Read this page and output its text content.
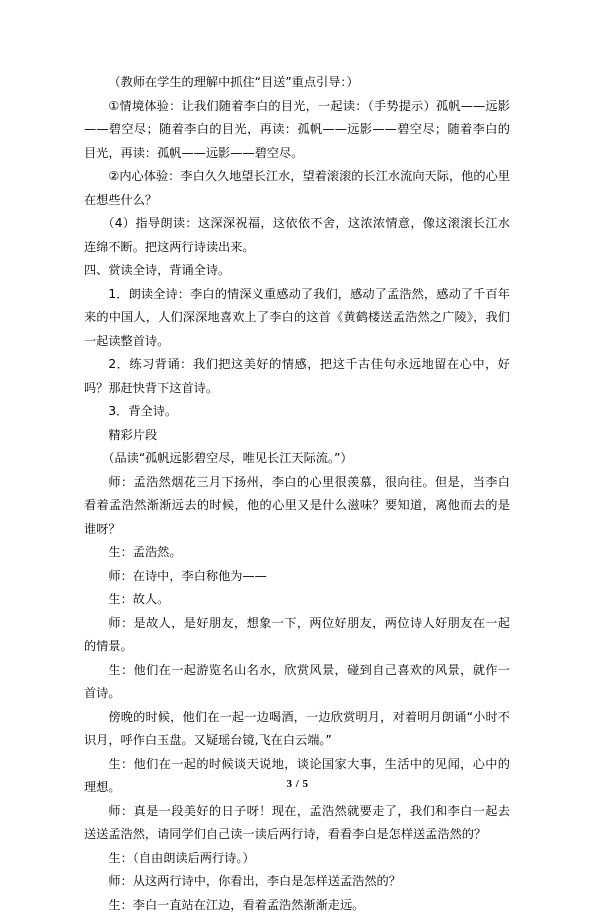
（教师在学生的理解中抓住“目送”重点引导：）

①情境体验：让我们随着李白的目光，一起读：（手势提示）孤帆——远影——碧空尽；随着李白的目光，再读：孤帆——远影——碧空尽；随着李白的目光，再读：孤帆——远影——碧空尽。

②内心体验：李白久久地望长江水，望着滚滚的长江水流向天际，他的心里在想些什么？

（4）指导朗读：这深深祝福，这依依不舍，这浓浓情意，像这滚滚长江水连绵不断。把这两行诗读出来。

四、赏读全诗，背诵全诗。

1．朗读全诗：李白的情深义重感动了我们，感动了孟浩然，感动了千百年来的中国人，人们深深地喜欢上了李白的这首《黄鹤楼送孟浩然之广陵》，我们一起读整首诗。

2．练习背诵：我们把这美好的情感，把这千古佳句永远地留在心中，好吗？那赶快背下这首诗。

3．背全诗。

精彩片段

（品读“孤帆远影碧空尽，唯见长江天际流。”）

师：孟浩然烟花三月下扬州，李白的心里很羡慕，很向往。但是，当李白看着孟浩然渐渐远去的时候，他的心里又是什么滋味？要知道，离他而去的是谁呀？

生：孟浩然。

师：在诗中，李白称他为——

生：故人。

师：是故人，是好朋友，想象一下，两位好朋友，两位诗人好朋友在一起的情景。

生：他们在一起游览名山名水，欣赏风景，碰到自己喜欢的风景，就作一首诗。

傍晚的时候，他们在一起一边喝酒，一边欣赏明月，对着明月朗诵“小时不识月，呼作白玉盘。又疑瑶台镜,飞在白云端。”

生：他们在一起的时候谈天说地，谈论国家大事，生活中的见闻，心中的理想。

师：真是一段美好的日子呀！现在，孟浩然就要走了，我们和李白一起去送送孟浩然，请同学们自己读一读后两行诗，看看李白是怎样送孟浩然的？

生：（自由朗读后两行诗。）

师：从这两行诗中，你看出，李白是怎样送孟浩然的？

生：李白一直站在江边，看着孟浩然渐渐走远。

3 / 5
